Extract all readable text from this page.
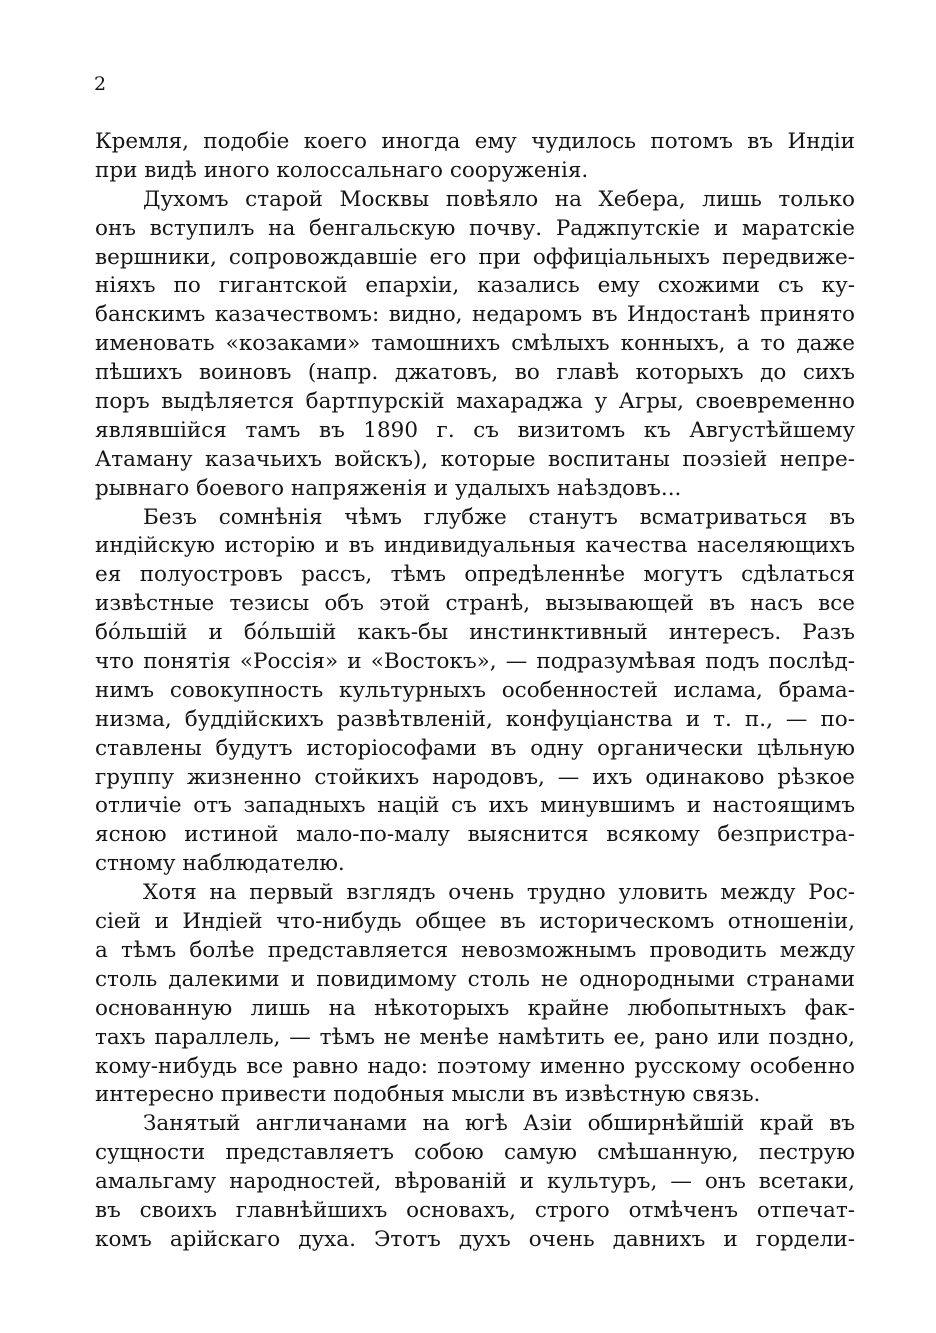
2
Кремля, подобіе коего иногда ему чудилось потомъ въ Индіи
при видѣ иного колоссальнаго сооруженія.
Духомъ старой Москвы повѣяло на Хебера, лишь только
онъ вступилъ на бенгальскую почву. Раджпутскіе и маратскіе
вершники, сопровождавшіе его при оффиціальныхъ передвиже-
ніяхъ по гигантской епархіи, казались ему схожими съ ку-
банскимъ казачествомъ: видно, недаромъ въ Индостанѣ принято
именовать «козаками» тамошнихъ смѣлыхъ конныхъ, а то даже
пѣшихъ воиновъ (напр. джатовъ, во главѣ которыхъ до сихъ
поръ выдѣляется бартпурскій махараджа у Агры, своевременно
являвшійся тамъ въ 1890 г. съ визитомъ къ Августѣйшему
Атаману казачьихъ войскъ), которые воспитаны поэзіей непре-
рывнаго боевого напряженія и удалыхъ наѣздовъ...
Безъ сомнѣнія чѣмъ глубже станутъ всматриваться въ
индійскую исторію и въ индивидуальныя качества населяющихъ
ея полуостровъ рассъ, тѣмъ опредѣленнѣе могутъ сдѣлаться
извѣстные тезисы объ этой странѣ, вызывающей въ насъ все
бо́льшій и бо́льшій какъ-бы инстинктивный интересъ. Разъ
что понятія «Россія» и «Востокъ», — подразумѣвая подъ послѣд-
нимъ совокупность культурныхъ особенностей ислама, брама-
низма, буддійскихъ развѣтвленій, конфуціанства и т. п., — по-
ставлены будутъ исторіософами въ одну органически цѣльную
группу жизненно стойкихъ народовъ, — ихъ одинаково рѣзкое
отличіе отъ западныхъ націй съ ихъ минувшимъ и настоящимъ
ясною истиной мало-по-малу выяснится всякому безпристра-
стному наблюдателю.
Хотя на первый взглядъ очень трудно уловить между Рос-
сіей и Индіей что-нибудь общее въ историческомъ отношеніи,
а тѣмъ болѣе представляется невозможнымъ проводить между
столь далекими и повидимому столь не однородными странами
основанную лишь на нѣкоторыхъ крайне любопытныхъ фак-
тахъ параллель, — тѣмъ не менѣе намѣтить ее, рано или поздно,
кому-нибудь все равно надо: поэтому именно русскому особенно
интересно привести подобныя мысли въ извѣстную связь.
Занятый англичанами на югѣ Азіи обширнѣйшій край въ
сущности представляетъ собою самую смѣшанную, пеструю
амальгаму народностей, вѣрованій и культуръ, — онъ всетаки,
въ своихъ главнѣйшихъ основахъ, строго отмѣченъ отпечат-
комъ арійскаго духа. Этотъ духъ очень давнихъ и гордели-
